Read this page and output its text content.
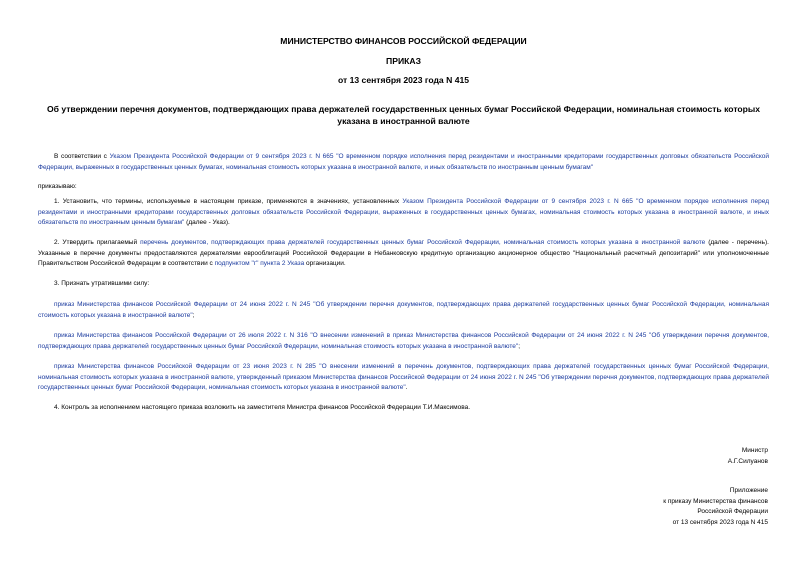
МИНИСТЕРСТВО ФИНАНСОВ РОССИЙСКОЙ ФЕДЕРАЦИИ
ПРИКАЗ
от 13 сентября 2023 года N 415
Об утверждении перечня документов, подтверждающих права держателей государственных ценных бумаг Российской Федерации, номинальная стоимость которых указана в иностранной валюте
В соответствии с Указом Президента Российской Федерации от 9 сентября 2023 г. N 665 "О временном порядке исполнения перед резидентами и иностранными кредиторами государственных долговых обязательств Российской Федерации, выраженных в государственных ценных бумагах, номинальная стоимость которых указана в иностранной валюте, и иных обязательств по иностранным ценным бумагам"
приказываю:
1. Установить, что термины, используемые в настоящем приказе, применяются в значениях, установленных Указом Президента Российской Федерации от 9 сентября 2023 г. N 665 "О временном порядке исполнения перед резидентами и иностранными кредиторами государственных долговых обязательств Российской Федерации, выраженных в государственных ценных бумагах, номинальная стоимость которых указана в иностранной валюте, и иных обязательств по иностранным ценным бумагам" (далее - Указ).
2. Утвердить прилагаемый перечень документов, подтверждающих права держателей государственных ценных бумаг Российской Федерации, номинальная стоимость которых указана в иностранной валюте (далее - перечень). Указанные в перечне документы предоставляются держателями еврооблигаций Российской Федерации в Небанковскую кредитную организацию акционерное общество "Национальный расчетный депозитарий" или уполномоченные Правительством Российской Федерации в соответствии с подпунктом "г" пункта 2 Указа организации.
3. Признать утратившими силу:
приказ Министерства финансов Российской Федерации от 24 июня 2022 г. N 245 "Об утверждении перечня документов, подтверждающих права держателей государственных ценных бумаг Российской Федерации, номинальная стоимость которых указана в иностранной валюте";
приказ Министерства финансов Российской Федерации от 26 июля 2022 г. N 316 "О внесении изменений в приказ Министерства финансов Российской Федерации от 24 июня 2022 г. N 245 "Об утверждении перечня документов, подтверждающих права держателей государственных ценных бумаг Российской Федерации, номинальная стоимость которых указана в иностранной валюте";
приказ Министерства финансов Российской Федерации от 23 июня 2023 г. N 285 "О внесении изменений в перечень документов, подтверждающих права держателей государственных ценных бумаг Российской Федерации, номинальная стоимость которых указана в иностранной валюте, утвержденный приказом Министерства финансов Российской Федерации от 24 июня 2022 г. N 245 "Об утверждении перечня документов, подтверждающих права держателей государственных ценных бумаг Российской Федерации, номинальная стоимость которых указана в иностранной валюте".
4. Контроль за исполнением настоящего приказа возложить на заместителя Министра финансов Российской Федерации Т.И.Максимова.
Министр
А.Г.Силуанов
Приложение
к приказу Министерства финансов
Российской Федерации
от 13 сентября 2023 года N 415
